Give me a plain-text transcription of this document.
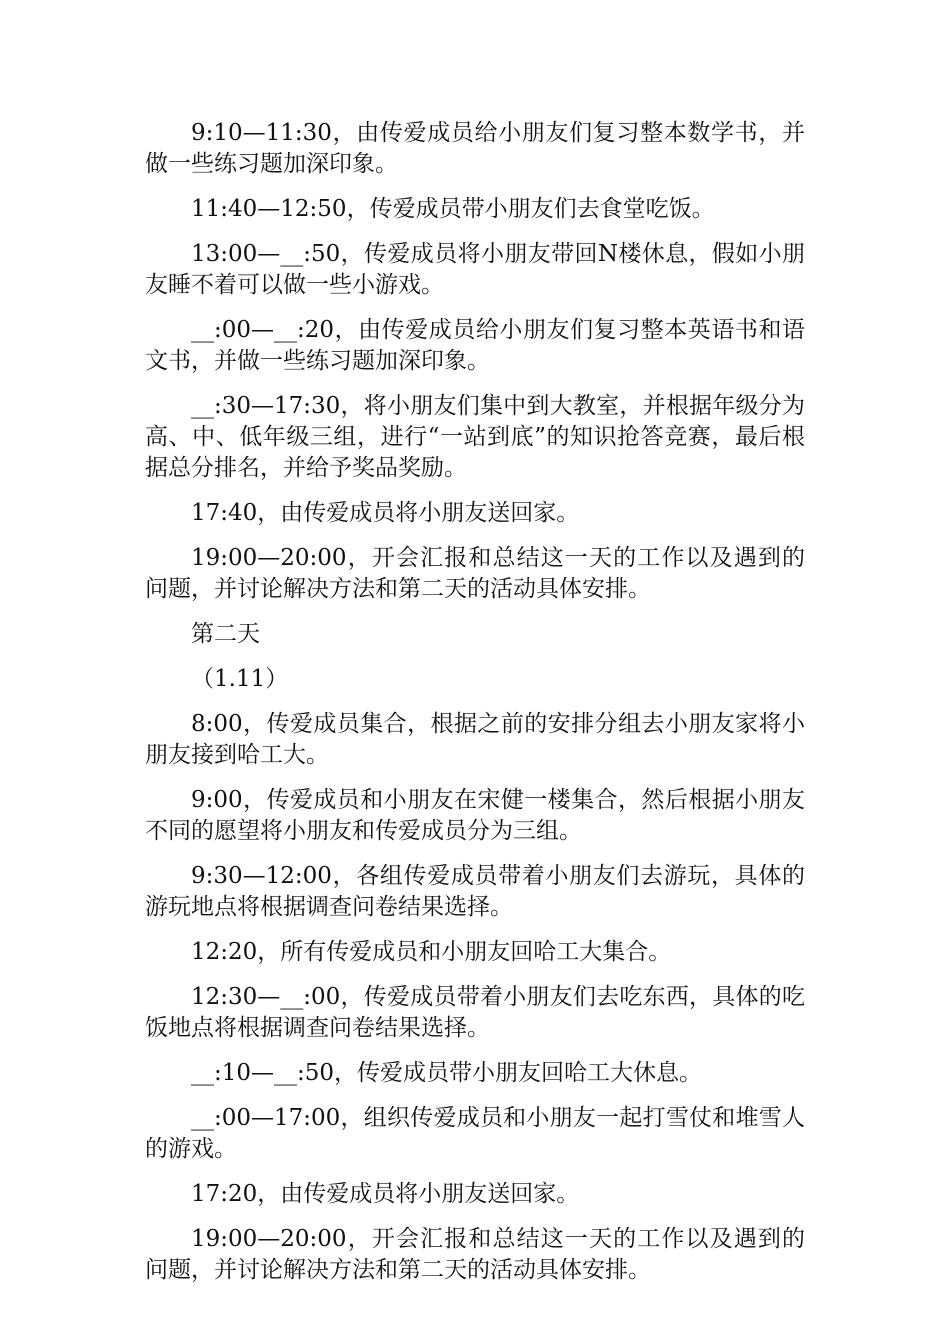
9:10—11:30，由传爱成员给小朋友们复习整本数学书，并做一些练习题加深印象。

11:40—12:50，传爱成员带小朋友们去食堂吃饭。

13:00—__:50，传爱成员将小朋友带回N楼休息，假如小朋友睡不着可以做一些小游戏。

__:00—__:20，由传爱成员给小朋友们复习整本英语书和语文书，并做一些练习题加深印象。

__:30—17:30，将小朋友们集中到大教室，并根据年级分为高、中、低年级三组，进行“一站到底”的知识抢答竞赛，最后根据总分排名，并给予奖品奖励。

17:40，由传爱成员将小朋友送回家。

19:00—20:00，开会汇报和总结这一天的工作以及遇到的问题，并讨论解决方法和第二天的活动具体安排。

第二天

（1.11）

8:00，传爱成员集合，根据之前的安排分组去小朋友家将小朋友接到哈工大。

9:00，传爱成员和小朋友在宋健一楼集合，然后根据小朋友不同的愿望将小朋友和传爱成员分为三组。

9:30—12:00，各组传爱成员带着小朋友们去游玩，具体的游玩地点将根据调查问卷结果选择。

12:20，所有传爱成员和小朋友回哈工大集合。

12:30—__:00，传爱成员带着小朋友们去吃东西，具体的吃饭地点将根据调查问卷结果选择。

__:10—__:50，传爱成员带小朋友回哈工大休息。

__:00—17:00，组织传爱成员和小朋友一起打雪仗和堆雪人的游戏。

17:20，由传爱成员将小朋友送回家。

19:00—20:00，开会汇报和总结这一天的工作以及遇到的问题，并讨论解决方法和第二天的活动具体安排。
